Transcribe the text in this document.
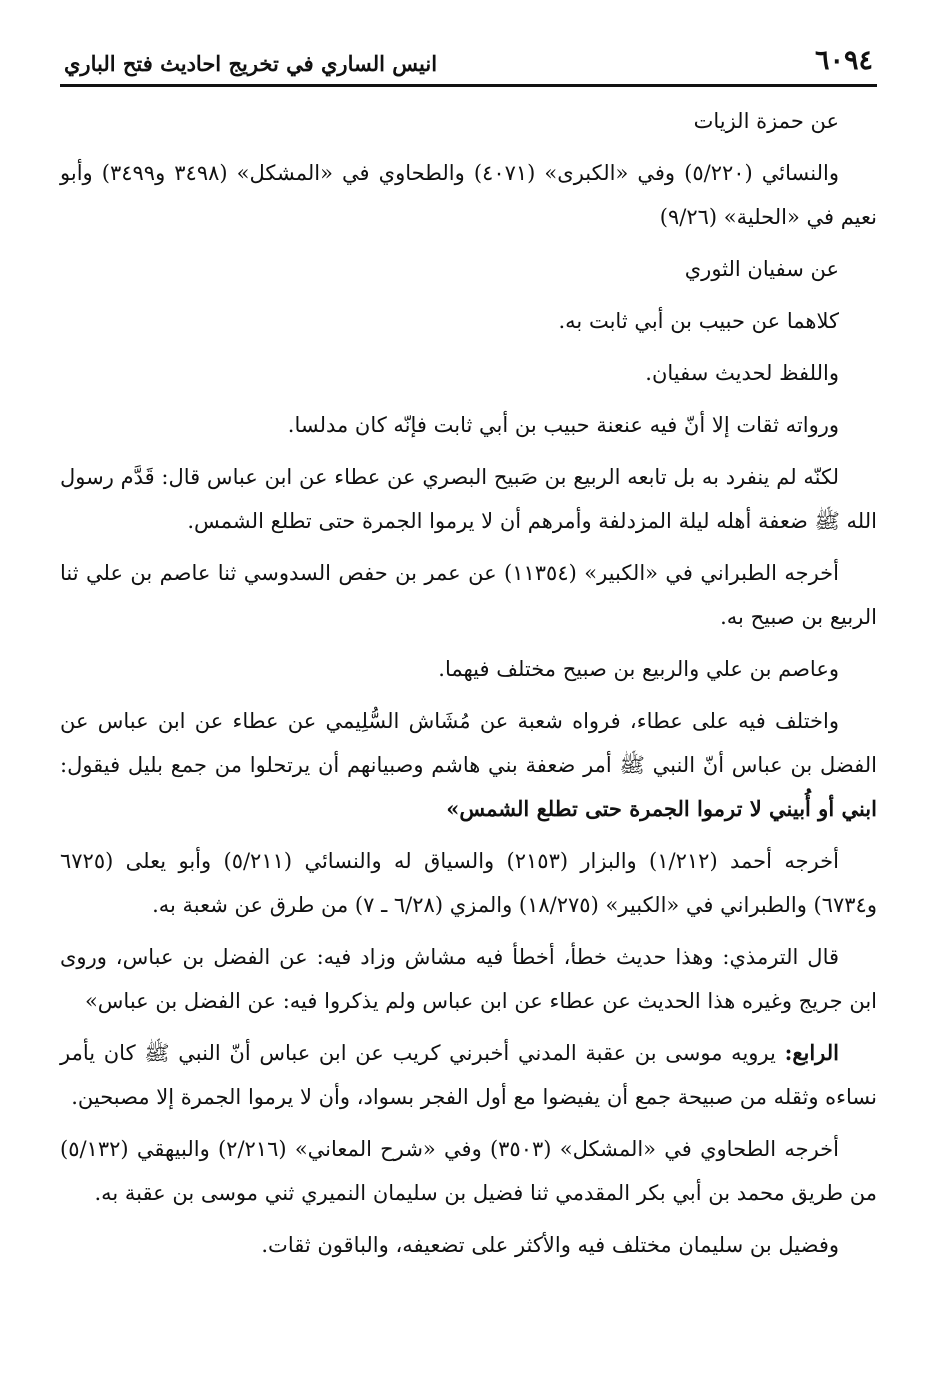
٦٠٩٤
انيس الساري في تخريج احاديث فتح الباري

عن حمزة الزيات

والنسائي (٥/٢٢٠) وفي «الكبرى» (٤٠٧١) والطحاوي في «المشكل» (٣٤٩٨ و٣٤٩٩) وأبو نعيم في «الحلية» (٩/٢٦)

عن سفيان الثوري

كلاهما عن حبيب بن أبي ثابت به.

واللفظ لحديث سفيان.

ورواته ثقات إلا أنّ فيه عنعنة حبيب بن أبي ثابت فإنّه كان مدلسا.

لكنّه لم ينفرد به بل تابعه الربيع بن صَبيح البصري عن عطاء عن ابن عباس قال: قَدَّم رسول الله ﷺ ضعفة أهله ليلة المزدلفة وأمرهم أن لا يرموا الجمرة حتى تطلع الشمس.

أخرجه الطبراني في «الكبير» (١١٣٥٤) عن عمر بن حفص السدوسي ثنا عاصم بن علي ثنا الربيع بن صبيح به.

وعاصم بن علي والربيع بن صبيح مختلف فيهما.

واختلف فيه على عطاء، فرواه شعبة عن مُشَاش السُّلِيمي عن عطاء عن ابن عباس عن الفضل بن عباس أنّ النبي ﷺ أمر ضعفة بني هاشم وصبيانهم أن يرتحلوا من جمع بليل فيقول: ابني أو أُبيني لا ترموا الجمرة حتى تطلع الشمس»

أخرجه أحمد (١/٢١٢) والبزار (٢١٥٣) والسياق له والنسائي (٥/٢١١) وأبو يعلى (٦٧٢٥ و٦٧٣٤) والطبراني في «الكبير» (١٨/٢٧٥) والمزي (٦/٢٨ ـ ٧) من طرق عن شعبة به.

قال الترمذي: وهذا حديث خطأ، أخطأ فيه مشاش وزاد فيه: عن الفضل بن عباس، وروى ابن جريج وغيره هذا الحديث عن عطاء عن ابن عباس ولم يذكروا فيه: عن الفضل بن عباس»

الرابع: يرويه موسى بن عقبة المدني أخبرني كريب عن ابن عباس أنّ النبي ﷺ كان يأمر نساءه وثقله من صبيحة جمع أن يفيضوا مع أول الفجر بسواد، وأن لا يرموا الجمرة إلا مصبحين.

أخرجه الطحاوي في «المشكل» (٣٥٠٣) وفي «شرح المعاني» (٢/٢١٦) والبيهقي (٥/١٣٢) من طريق محمد بن أبي بكر المقدمي ثنا فضيل بن سليمان النميري ثني موسى بن عقبة به.

وفضيل بن سليمان مختلف فيه والأكثر على تضعيفه، والباقون ثقات.
